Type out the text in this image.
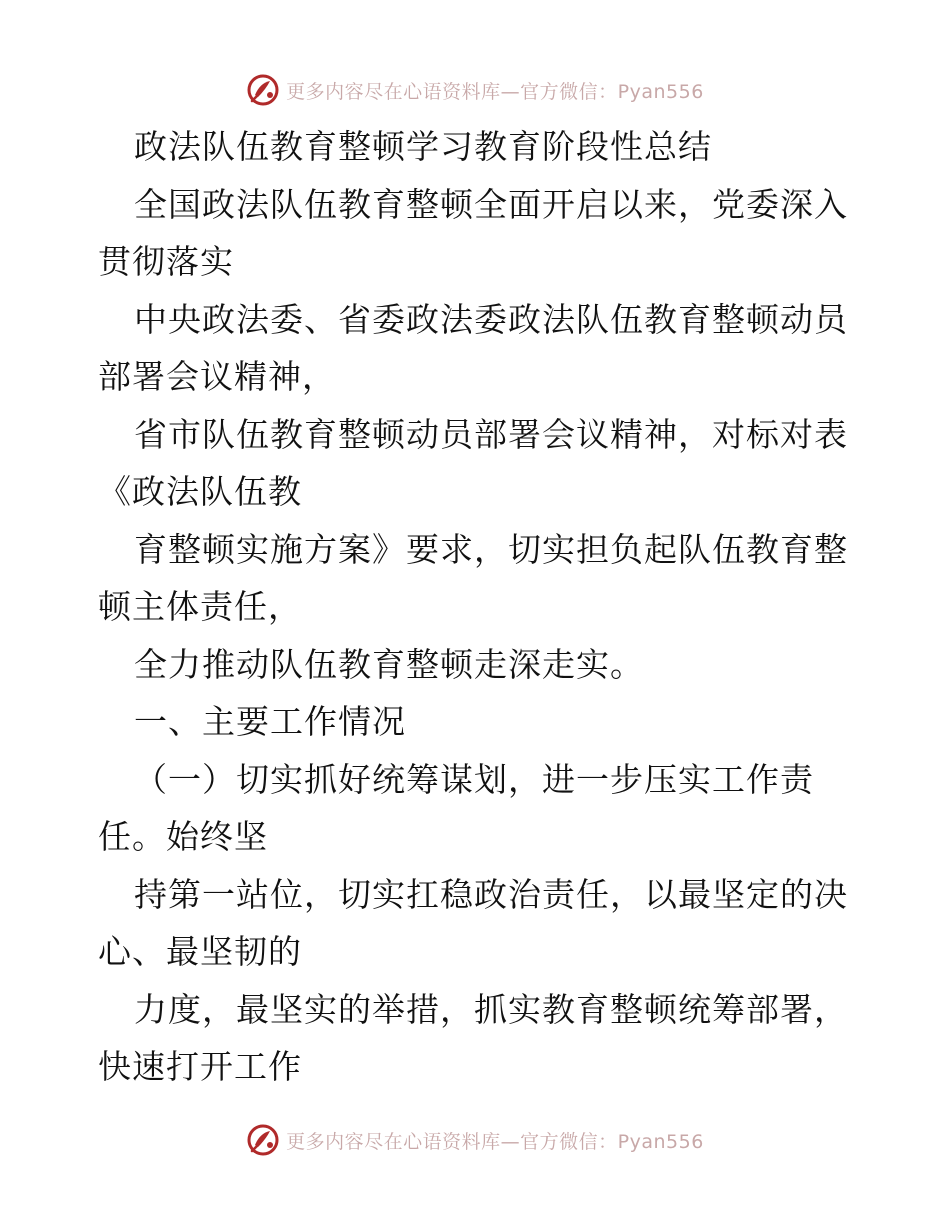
更多内容尽在心语资料库—官方微信：Pyan556

政法队伍教育整顿学习教育阶段性总结

全国政法队伍教育整顿全面开启以来，党委深入

贯彻落实

中央政法委、省委政法委政法队伍教育整顿动员

部署会议精神，

省市队伍教育整顿动员部署会议精神，对标对表

《政法队伍教

育整顿实施方案》要求，切实担负起队伍教育整

顿主体责任，

全力推动队伍教育整顿走深走实。

一、主要工作情况

（一）切实抓好统筹谋划，进一步压实工作责

任。始终坚

持第一站位，切实扛稳政治责任，以最坚定的决

心、最坚韧的

力度，最坚实的举措，抓实教育整顿统筹部署，

快速打开工作

更多内容尽在心语资料库—官方微信：Pyan556
